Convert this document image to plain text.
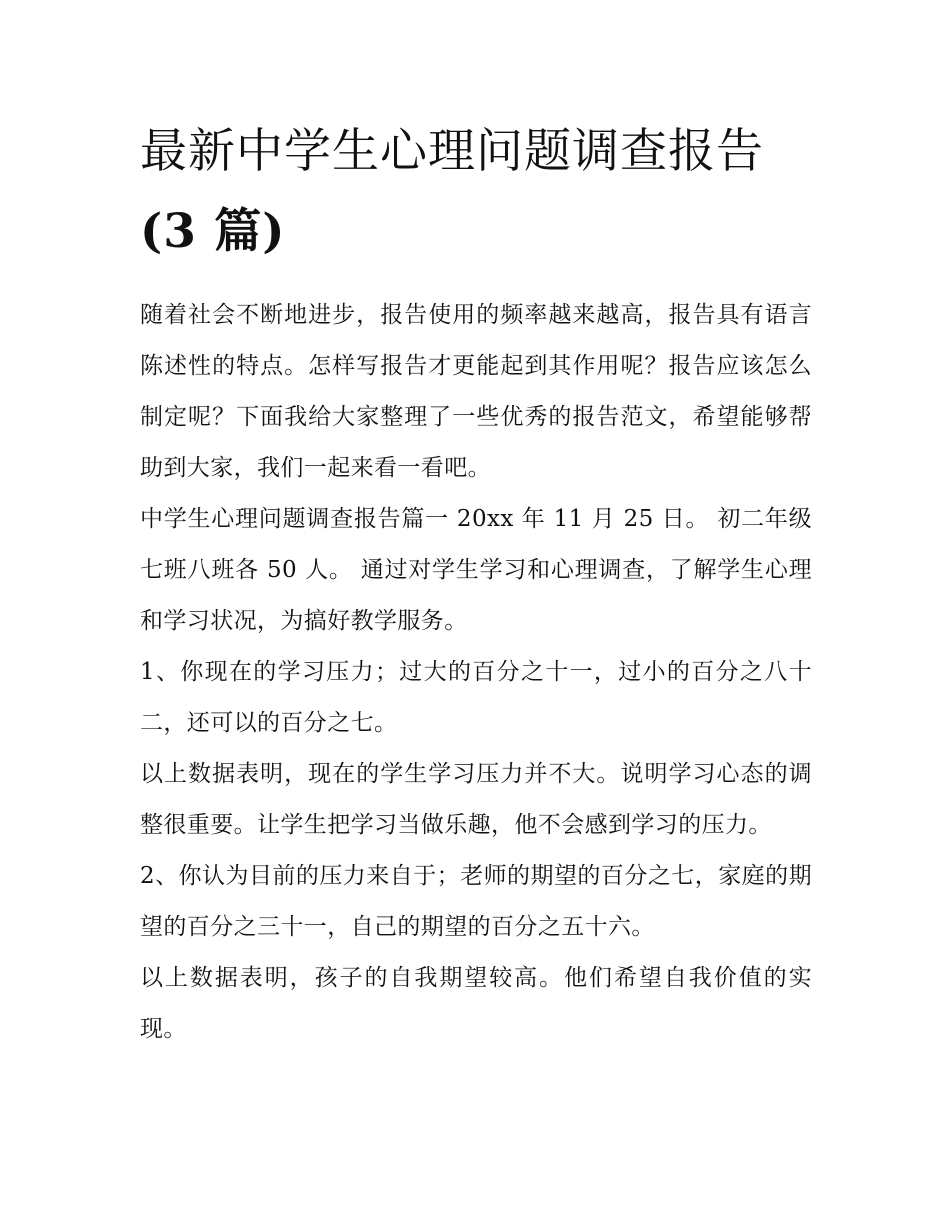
最新中学生心理问题调查报告
(3 篇)

随着社会不断地进步，报告使用的频率越来越高，报告具有语言陈述性的特点。怎样写报告才更能起到其作用呢？报告应该怎么制定呢？下面我给大家整理了一些优秀的报告范文，希望能够帮助到大家，我们一起来看一看吧。

中学生心理问题调查报告篇一 20xx 年 11 月 25 日。 初二年级七班八班各 50 人。 通过对学生学习和心理调查，了解学生心理和学习状况，为搞好教学服务。

1、你现在的学习压力；过大的百分之十一，过小的百分之八十二，还可以的百分之七。

以上数据表明，现在的学生学习压力并不大。说明学习心态的调整很重要。让学生把学习当做乐趣，他不会感到学习的压力。

2、你认为目前的压力来自于；老师的期望的百分之七，家庭的期望的百分之三十一，自己的期望的百分之五十六。

以上数据表明，孩子的自我期望较高。他们希望自我价值的实现。
